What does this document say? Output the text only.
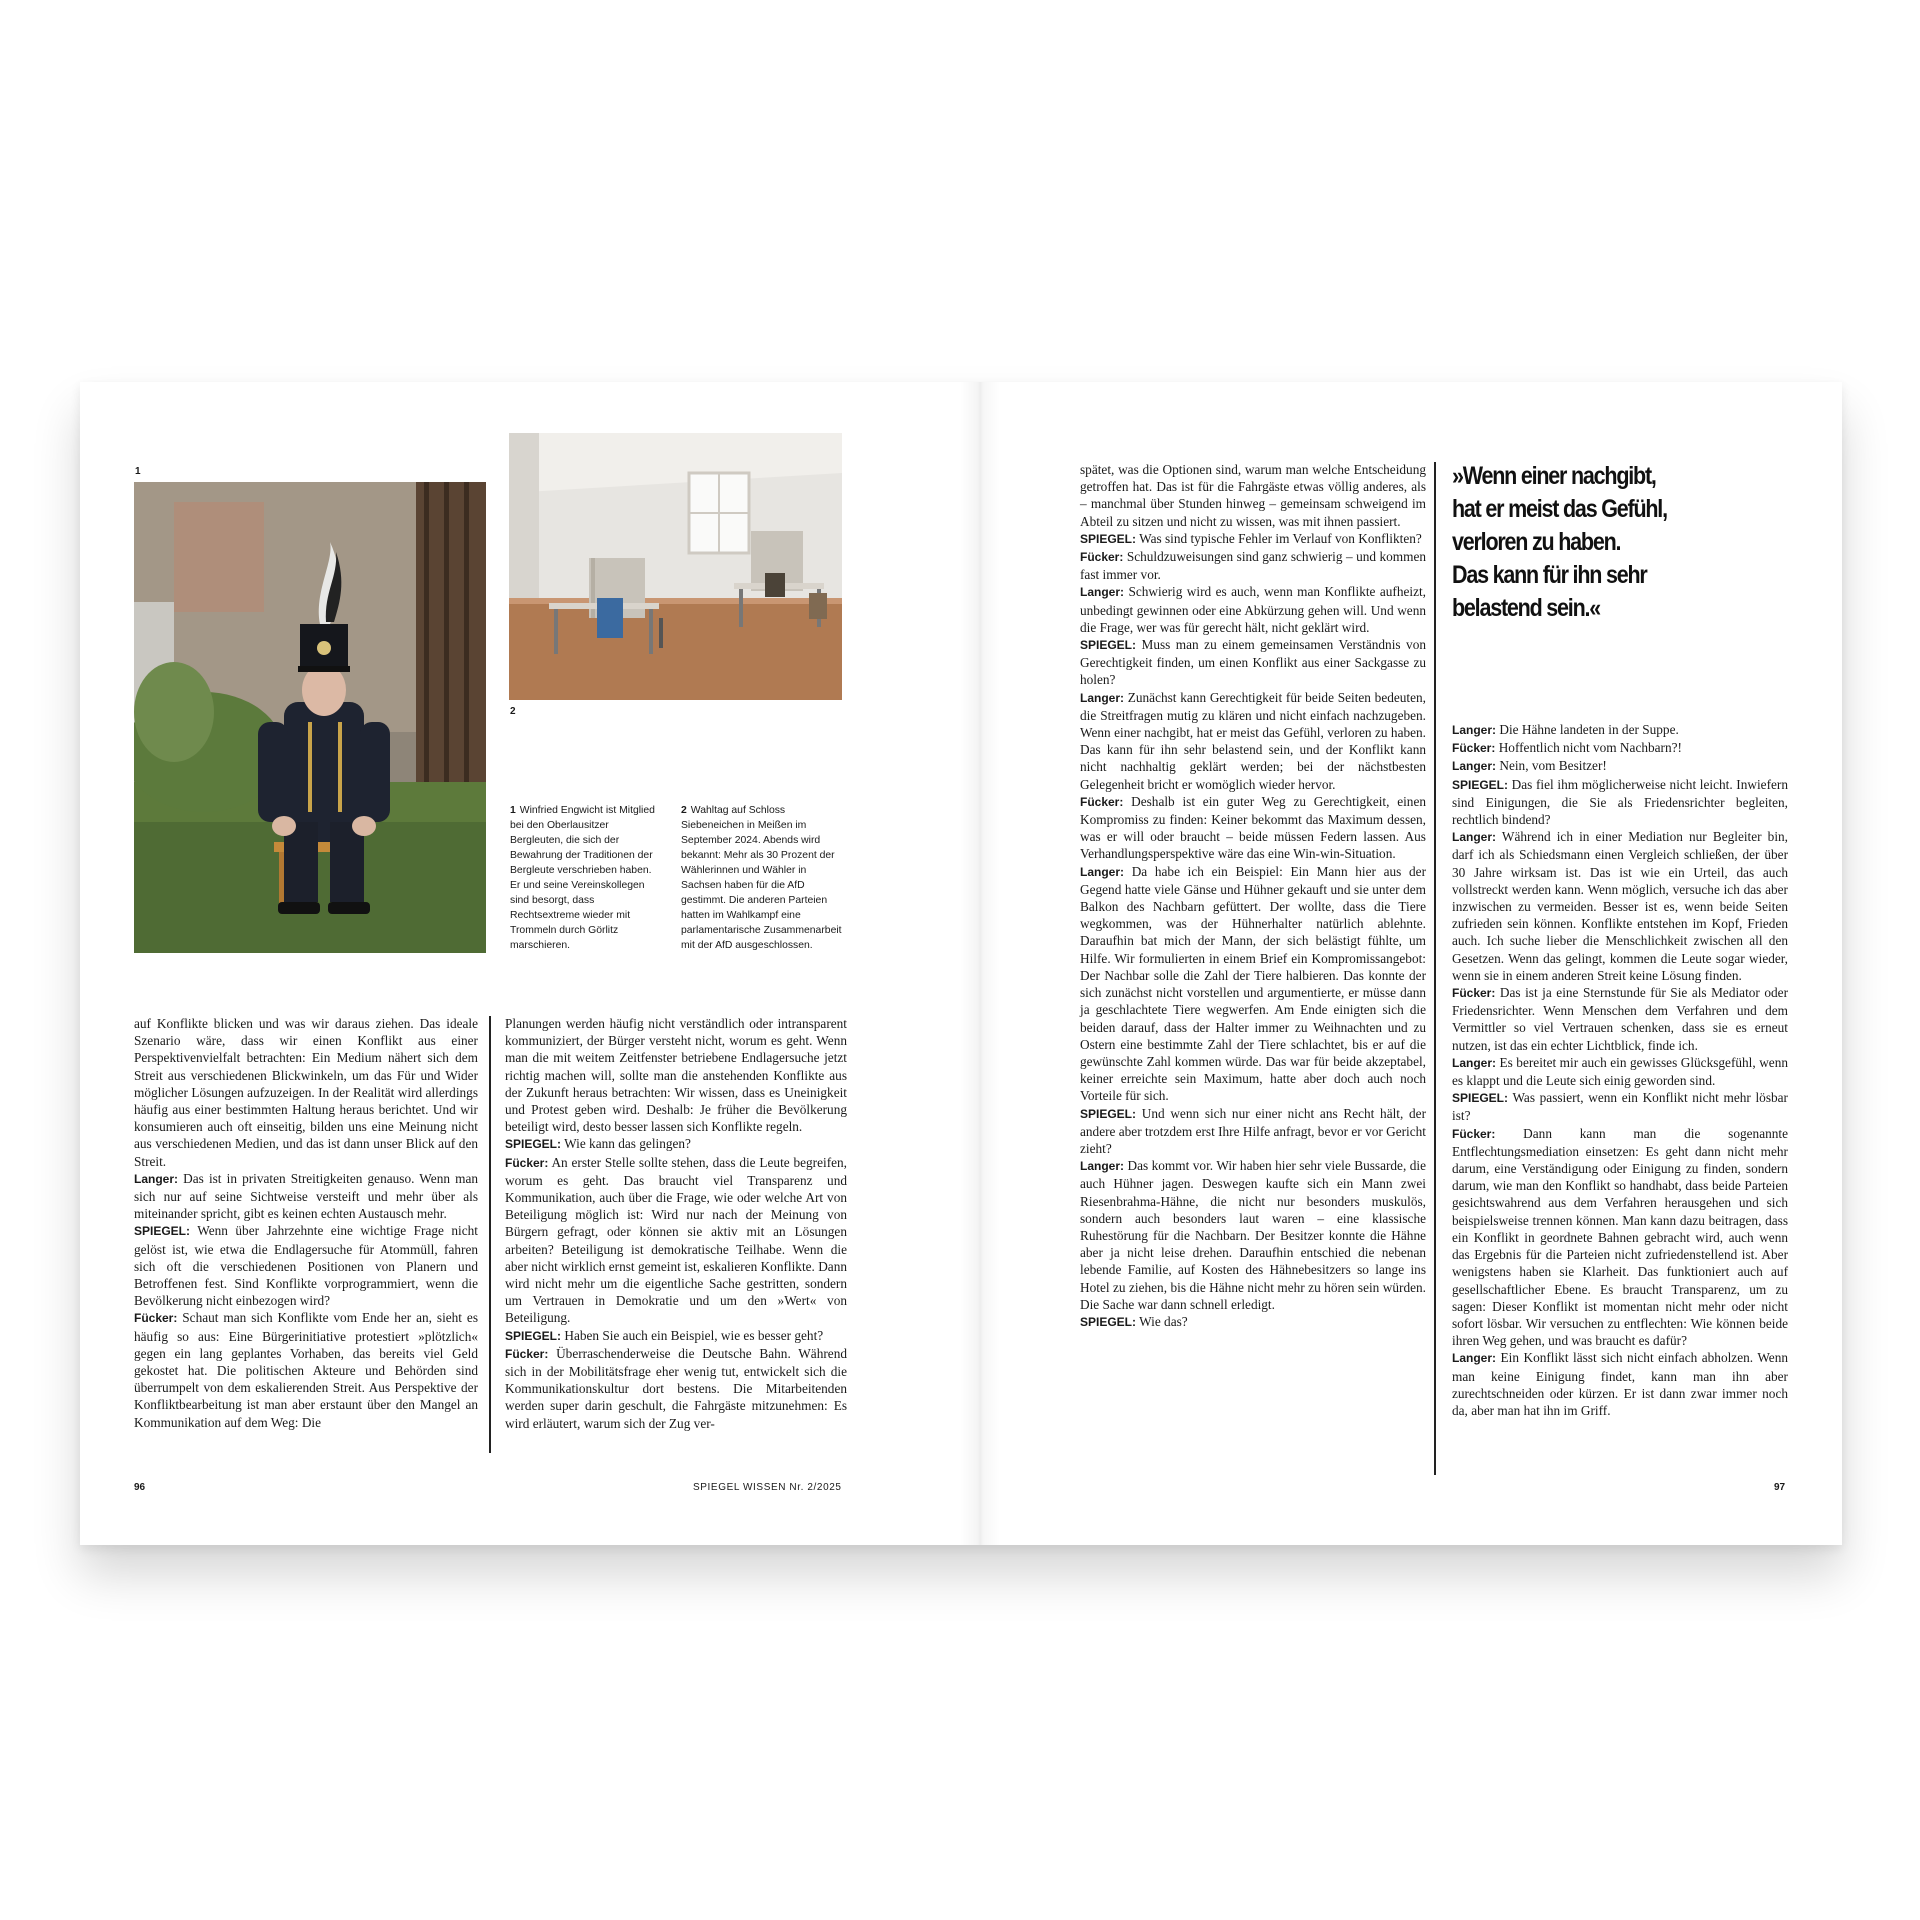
1
2
1 Winfried Engwicht ist Mitglied bei den Oberlausitzer Bergleuten, die sich der Bewahrung der Traditionen der Bergleute verschrieben haben. Er und seine Vereinskollegen sind besorgt, dass Rechtsextreme wieder mit Trommeln durch Görlitz marschieren.
2 Wahltag auf Schloss Siebeneichen in Meißen im September 2024. Abends wird bekannt: Mehr als 30 Prozent der Wählerinnen und Wähler in Sachsen haben für die AfD gestimmt. Die anderen Parteien hatten im Wahlkampf eine parlamentarische Zusammenarbeit mit der AfD ausgeschlossen.

auf Konflikte blicken und was wir daraus ziehen. Das ideale Szenario wäre, dass wir einen Konflikt aus einer Perspektivenvielfalt betrachten: Ein Medium nähert sich dem Streit aus verschiedenen Blickwinkeln, um das Für und Wider möglicher Lösungen aufzuzeigen. In der Realität wird allerdings häufig aus einer bestimmten Haltung heraus berichtet. Und wir konsumieren auch oft einseitig, bilden uns eine Meinung nicht aus verschiedenen Medien, und das ist dann unser Blick auf den Streit.

Langer: Das ist in privaten Streitigkeiten genauso. Wenn man sich nur auf seine Sichtweise versteift und mehr über als miteinander spricht, gibt es keinen echten Austausch mehr.

SPIEGEL: Wenn über Jahrzehnte eine wichtige Frage nicht gelöst ist, wie etwa die Endlagersuche für Atommüll, fahren sich oft die verschiedenen Positionen von Planern und Betroffenen fest. Sind Konflikte vorprogrammiert, wenn die Bevölkerung nicht einbezogen wird?

Fücker: Schaut man sich Konflikte vom Ende her an, sieht es häufig so aus: Eine Bürgerinitiative protestiert »plötzlich« gegen ein lang geplantes Vorhaben, das bereits viel Geld gekostet hat. Die politischen Akteure und Behörden sind überrumpelt von dem eskalierenden Streit. Aus Perspektive der Konfliktbearbeitung ist man aber erstaunt über den Mangel an Kommunikation auf dem Weg: Die

Planungen werden häufig nicht verständlich oder intransparent kommuniziert, der Bürger versteht nicht, worum es geht. Wenn man die mit weitem Zeitfenster betriebene Endlagersuche jetzt richtig machen will, sollte man die anstehenden Konflikte aus der Zukunft heraus betrachten: Wir wissen, dass es Uneinigkeit und Protest geben wird. Deshalb: Je früher die Bevölkerung beteiligt wird, desto besser lassen sich Konflikte regeln.

SPIEGEL: Wie kann das gelingen?

Fücker: An erster Stelle sollte stehen, dass die Leute begreifen, worum es geht. Das braucht viel Transparenz und Kommunikation, auch über die Frage, wie oder welche Art von Beteiligung möglich ist: Wird nur nach der Meinung von Bürgern gefragt, oder können sie aktiv mit an Lösungen arbeiten? Beteiligung ist demokratische Teilhabe. Wenn die aber nicht wirklich ernst gemeint ist, eskalieren Konflikte. Dann wird nicht mehr um die eigentliche Sache gestritten, sondern um Vertrauen in Demokratie und um den »Wert« von Beteiligung.

SPIEGEL: Haben Sie auch ein Beispiel, wie es besser geht?

Fücker: Überraschenderweise die Deutsche Bahn. Während sich in der Mobilitätsfrage eher wenig tut, entwickelt sich die Kommunikationskultur dort bestens. Die Mitarbeitenden werden super darin geschult, die Fahrgäste mitzunehmen: Es wird erläutert, warum sich der Zug ver-

spätet, was die Optionen sind, warum man welche Entscheidung getroffen hat. Das ist für die Fahrgäste etwas völlig anderes, als – manchmal über Stunden hinweg – gemeinsam schweigend im Abteil zu sitzen und nicht zu wissen, was mit ihnen passiert.

SPIEGEL: Was sind typische Fehler im Verlauf von Konflikten?

Fücker: Schuldzuweisungen sind ganz schwierig – und kommen fast immer vor.

Langer: Schwierig wird es auch, wenn man Konflikte aufheizt, unbedingt gewinnen oder eine Abkürzung gehen will. Und wenn die Frage, wer was für gerecht hält, nicht geklärt wird.

SPIEGEL: Muss man zu einem gemeinsamen Verständnis von Gerechtigkeit finden, um einen Konflikt aus einer Sackgasse zu holen?

Langer: Zunächst kann Gerechtigkeit für beide Seiten bedeuten, die Streitfragen mutig zu klären und nicht einfach nachzugeben. Wenn einer nachgibt, hat er meist das Gefühl, verloren zu haben. Das kann für ihn sehr belastend sein, und der Konflikt kann nicht nachhaltig geklärt werden; bei der nächstbesten Gelegenheit bricht er womöglich wieder hervor.

Fücker: Deshalb ist ein guter Weg zu Gerechtigkeit, einen Kompromiss zu finden: Keiner bekommt das Maximum dessen, was er will oder braucht – beide müssen Federn lassen. Aus Verhandlungsperspektive wäre das eine Win-win-Situation.

Langer: Da habe ich ein Beispiel: Ein Mann hier aus der Gegend hatte viele Gänse und Hühner gekauft und sie unter dem Balkon des Nachbarn gefüttert. Der wollte, dass die Tiere wegkommen, was der Hühnerhalter natürlich ablehnte. Daraufhin bat mich der Mann, der sich belästigt fühlte, um Hilfe. Wir formulierten in einem Brief ein Kompromissangebot: Der Nachbar solle die Zahl der Tiere halbieren. Das konnte der sich zunächst nicht vorstellen und argumentierte, er müsse dann ja geschlachtete Tiere wegwerfen. Am Ende einigten sich die beiden darauf, dass der Halter immer zu Weihnachten und zu Ostern eine bestimmte Zahl der Tiere schlachtet, bis er auf die gewünschte Zahl kommen würde. Das war für beide akzeptabel, keiner erreichte sein Maximum, hatte aber doch auch noch Vorteile für sich.

SPIEGEL: Und wenn sich nur einer nicht ans Recht hält, der andere aber trotzdem erst Ihre Hilfe anfragt, bevor er vor Gericht zieht?

Langer: Das kommt vor. Wir haben hier sehr viele Bussarde, die auch Hühner jagen. Deswegen kaufte sich ein Mann zwei Riesenbrahma-Hähne, die nicht nur besonders muskulös, sondern auch besonders laut waren – eine klassische Ruhestörung für die Nachbarn. Der Besitzer konnte die Hähne aber ja nicht leise drehen. Daraufhin entschied die nebenan lebende Familie, auf Kosten des Hähnebesitzers so lange ins Hotel zu ziehen, bis die Hähne nicht mehr zu hören sein würden. Die Sache war dann schnell erledigt.

SPIEGEL: Wie das?

»Wenn einer nachgibt,
hat er meist das Gefühl,
verloren zu haben.
Das kann für ihn sehr
belastend sein.«

Langer: Die Hähne landeten in der Suppe.

Fücker: Hoffentlich nicht vom Nachbarn?!

Langer: Nein, vom Besitzer!

SPIEGEL: Das fiel ihm möglicherweise nicht leicht. Inwiefern sind Einigungen, die Sie als Friedensrichter begleiten, rechtlich bindend?

Langer: Während ich in einer Mediation nur Begleiter bin, darf ich als Schiedsmann einen Vergleich schließen, der über 30 Jahre wirksam ist. Das ist wie ein Urteil, das auch vollstreckt werden kann. Wenn möglich, versuche ich das aber inzwischen zu vermeiden. Besser ist es, wenn beide Seiten zufrieden sein können. Konflikte entstehen im Kopf, Frieden auch. Ich suche lieber die Menschlichkeit zwischen all den Gesetzen. Wenn das gelingt, kommen die Leute sogar wieder, wenn sie in einem anderen Streit keine Lösung finden.

Fücker: Das ist ja eine Sternstunde für Sie als Mediator oder Friedensrichter. Wenn Menschen dem Verfahren und dem Vermittler so viel Vertrauen schenken, dass sie es erneut nutzen, ist das ein echter Lichtblick, finde ich.

Langer: Es bereitet mir auch ein gewisses Glücksgefühl, wenn es klappt und die Leute sich einig geworden sind.

SPIEGEL: Was passiert, wenn ein Konflikt nicht mehr lösbar ist?

Fücker: Dann kann man die sogenannte Entflechtungsmediation einsetzen: Es geht dann nicht mehr darum, eine Verständigung oder Einigung zu finden, sondern darum, wie man den Konflikt so handhabt, dass beide Parteien gesichtswahrend aus dem Verfahren herausgehen und sich beispielsweise trennen können. Man kann dazu beitragen, dass ein Konflikt in geordnete Bahnen gebracht wird, auch wenn das Ergebnis für die Parteien nicht zufriedenstellend ist. Aber wenigstens haben sie Klarheit. Das funktioniert auch auf gesellschaftlicher Ebene. Es braucht Transparenz, um zu sagen: Dieser Konflikt ist momentan nicht mehr oder nicht sofort lösbar. Wir versuchen zu entflechten: Wie können beide ihren Weg gehen, und was braucht es dafür?

Langer: Ein Konflikt lässt sich nicht einfach abholzen. Wenn man keine Einigung findet, kann man ihn aber zurechtschneiden oder kürzen. Er ist dann zwar immer noch da, aber man hat ihn im Griff.

96	SPIEGEL WISSEN Nr. 2/2025	97
